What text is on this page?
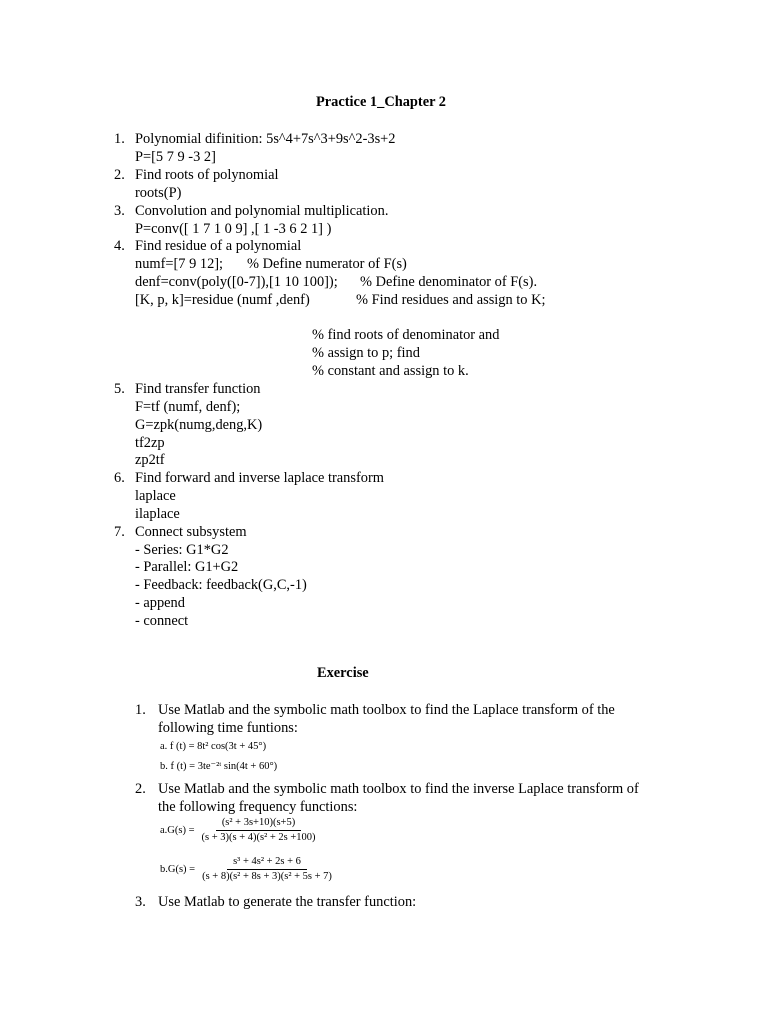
Practice 1_Chapter 2
1. Polynomial difinition: 5s^4+7s^3+9s^2-3s+2
P=[5 7 9 -3 2]
2. Find roots of polynomial
roots(P)
3. Convolution and polynomial multiplication.
P=conv([ 1 7 1 0 9] ,[ 1 -3 6 2 1] )
4. Find residue of a polynomial
numf=[7 9 12]; % Define numerator of F(s)
denf=conv(poly([0-7]),[1 10 100]); % Define denominator of F(s).
[K, p, k]=residue (numf ,denf)	% Find residues and assign to K;
% find roots of denominator and
% assign to p; find
% constant and assign to k.
5. Find transfer function
F=tf (numf, denf);
G=zpk(numg,deng,K)
tf2zp
zp2tf
6. Find forward and inverse laplace transform
laplace
ilaplace
7. Connect subsystem
- Series: G1*G2
- Parallel: G1+G2
- Feedback: feedback(G,C,-1)
- append
- connect
Exercise
1. Use Matlab and the symbolic math toolbox to find the Laplace transform of the
following time funtions:
a. f (t) = 8t² cos(3t + 45°)
b. f (t) = 3te⁻²ᵗ sin(4t + 60°)
2. Use Matlab and the symbolic math toolbox to find the inverse Laplace transform of
the following frequency functions:
$a.G(s) = \frac{\text{(s² + 3s+10)(s+5)}}{\text{(s + 3)(s + 4)(s² + 2s +100)}}$
$b.G(s) = \frac{\text{s³ + 4s² + 2s + 6}}{\text{(s + 8)(s² + 8s + 3)(s² + 5s + 7)}}$
3. Use Matlab to generate the transfer function:
